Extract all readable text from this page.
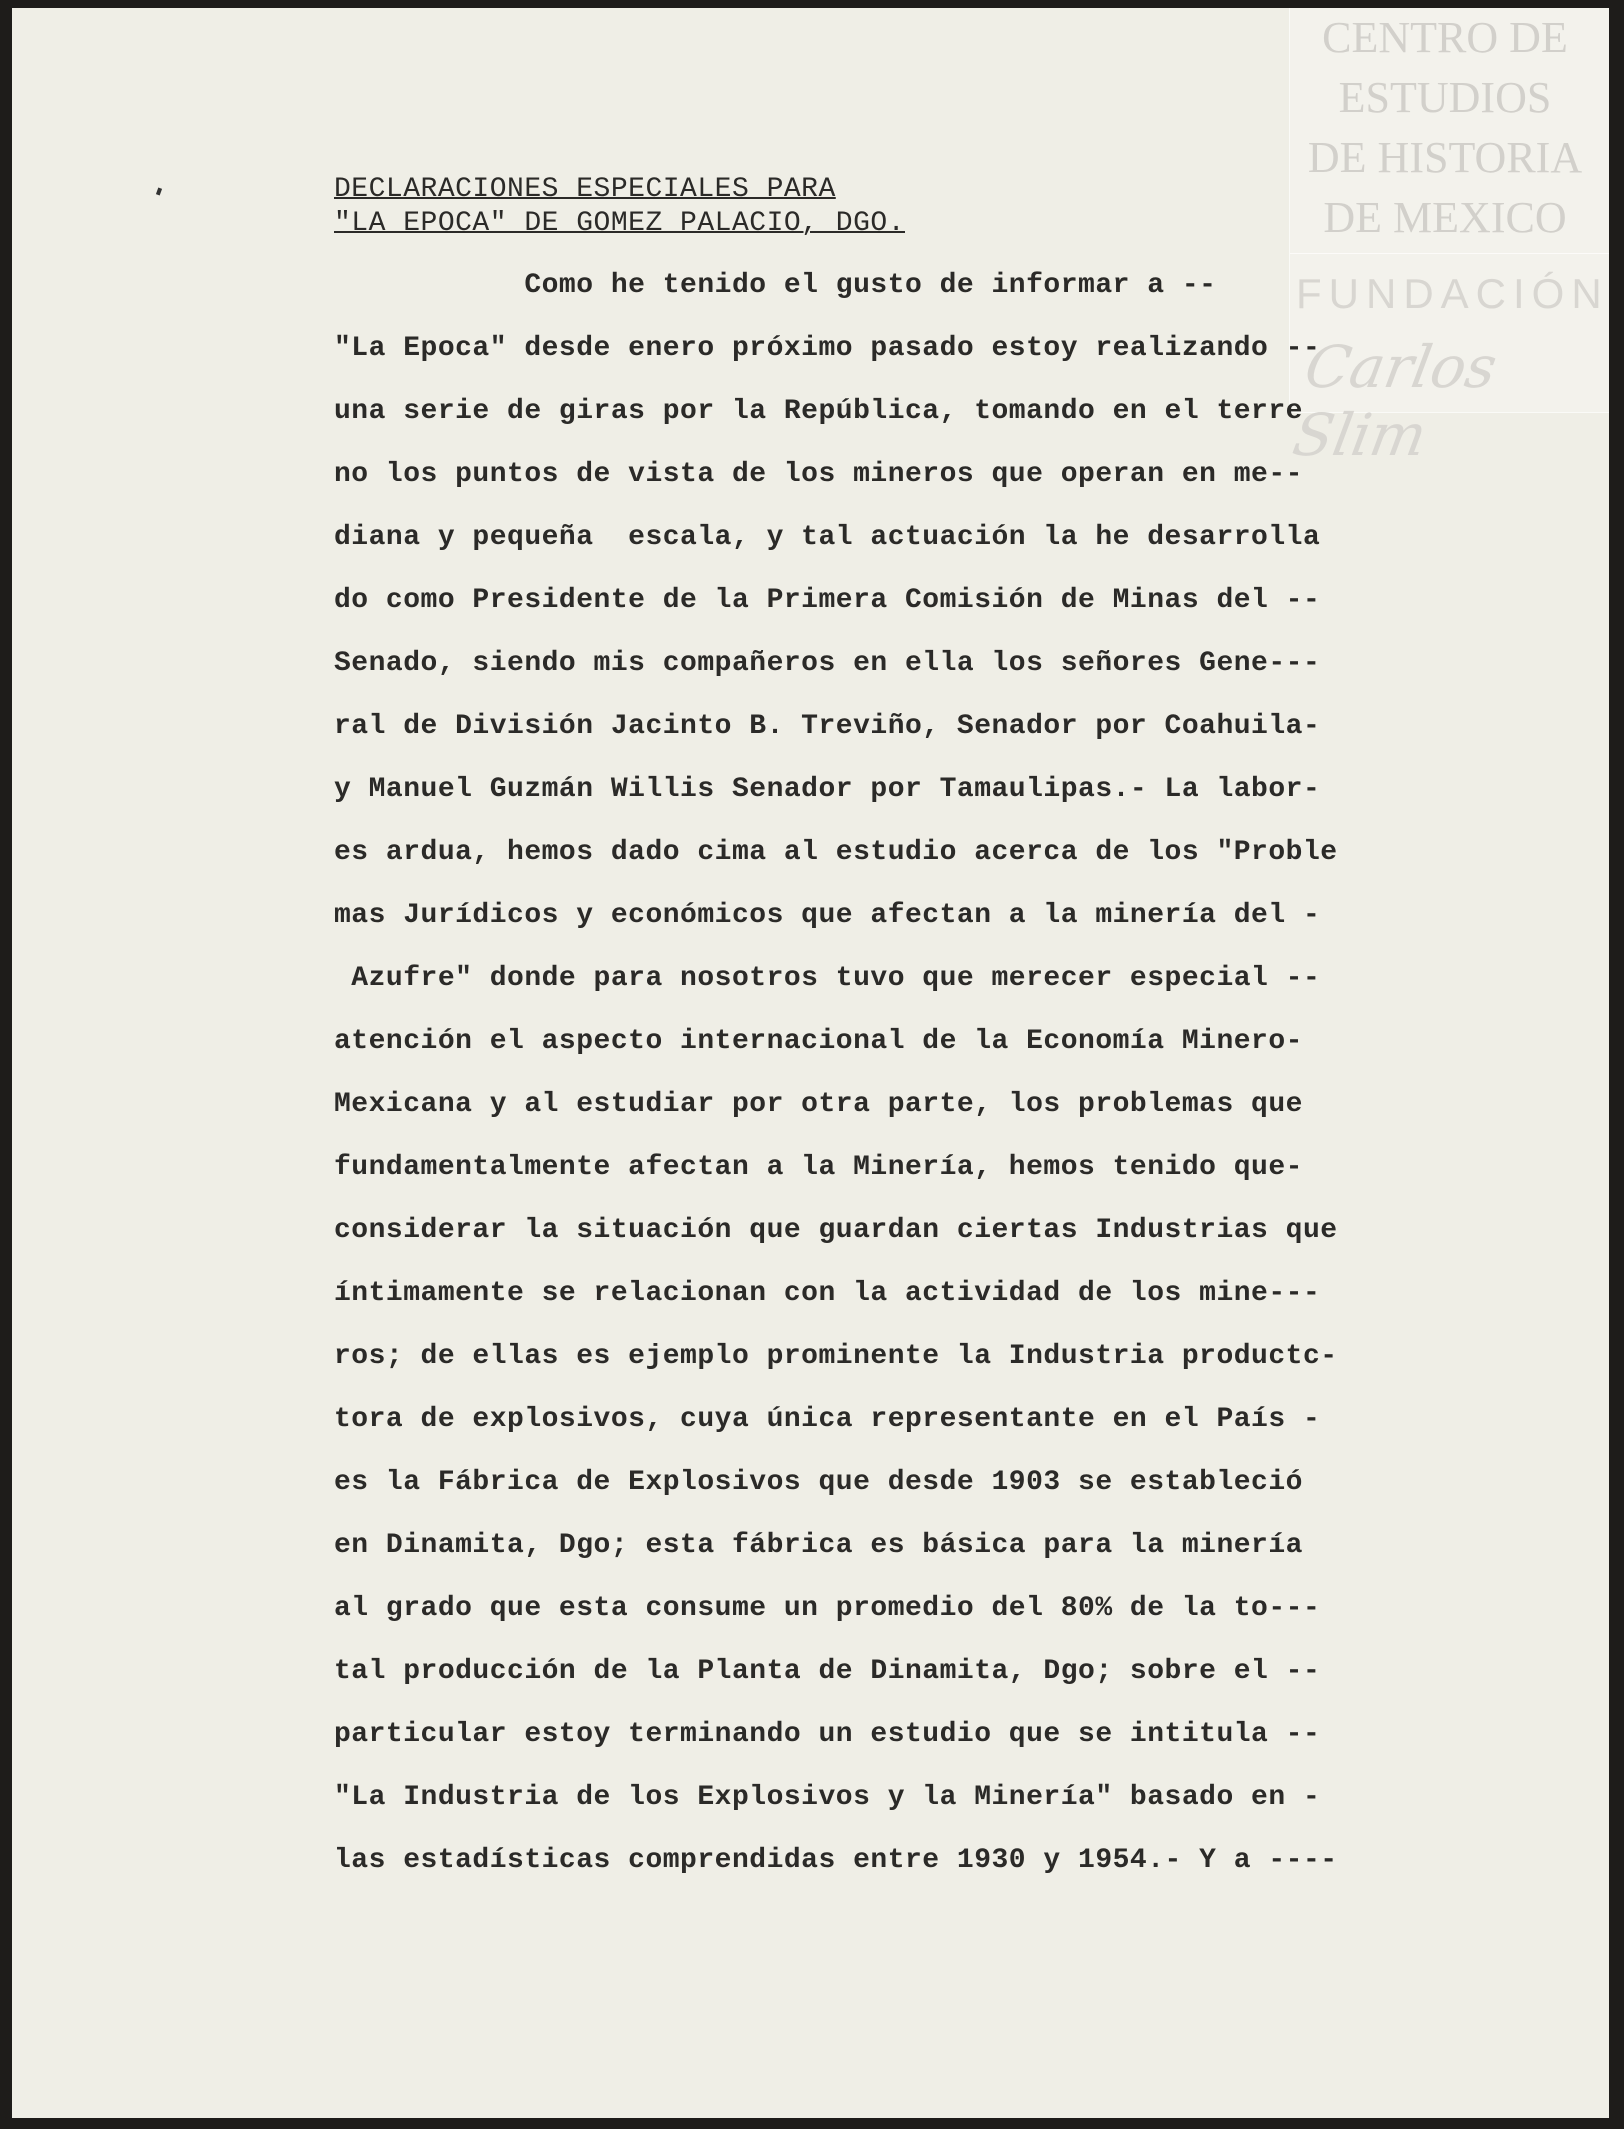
CENTRO DE
ESTUDIOS
DE HISTORIA
DE MEXICO
FUNDACIÓN
Carlos Slim
DECLARACIONES ESPECIALES PARA
"LA EPOCA" DE GOMEZ PALACIO, DGO.
Como he tenido el gusto de informar a --
"La Epoca" desde enero próximo pasado estoy realizando --
una serie de giras por la República, tomando en el terre
no los puntos de vista de los mineros que operan en me--
diana y pequeña  escala, y tal actuación la he desarrolla
do como Presidente de la Primera Comisión de Minas del --
Senado, siendo mis compañeros en ella los señores Gene---
ral de División Jacinto B. Treviño, Senador por Coahuila-
y Manuel Guzmán Willis Senador por Tamaulipas.- La labor-
es ardua, hemos dado cima al estudio acerca de los "Proble
mas Jurídicos y económicos que afectan a la minería del -
Azufre" donde para nosotros tuvo que merecer especial --
atención el aspecto internacional de la Economía Minero-
Mexicana y al estudiar por otra parte, los problemas que
fundamentalmente afectan a la Minería, hemos tenido que-
considerar la situación que guardan ciertas Industrias que
íntimamente se relacionan con la actividad de los mine---
ros; de ellas es ejemplo prominente la Industria productc-
tora de explosivos, cuya única representante en el País -
es la Fábrica de Explosivos que desde 1903 se estableció
en Dinamita, Dgo; esta fábrica es básica para la minería
al grado que esta consume un promedio del 80% de la to---
tal producción de la Planta de Dinamita, Dgo; sobre el --
particular estoy terminando un estudio que se intitula --
"La Industria de los Explosivos y la Minería" basado en -
las estadísticas comprendidas entre 1930 y 1954.- Y a ----
